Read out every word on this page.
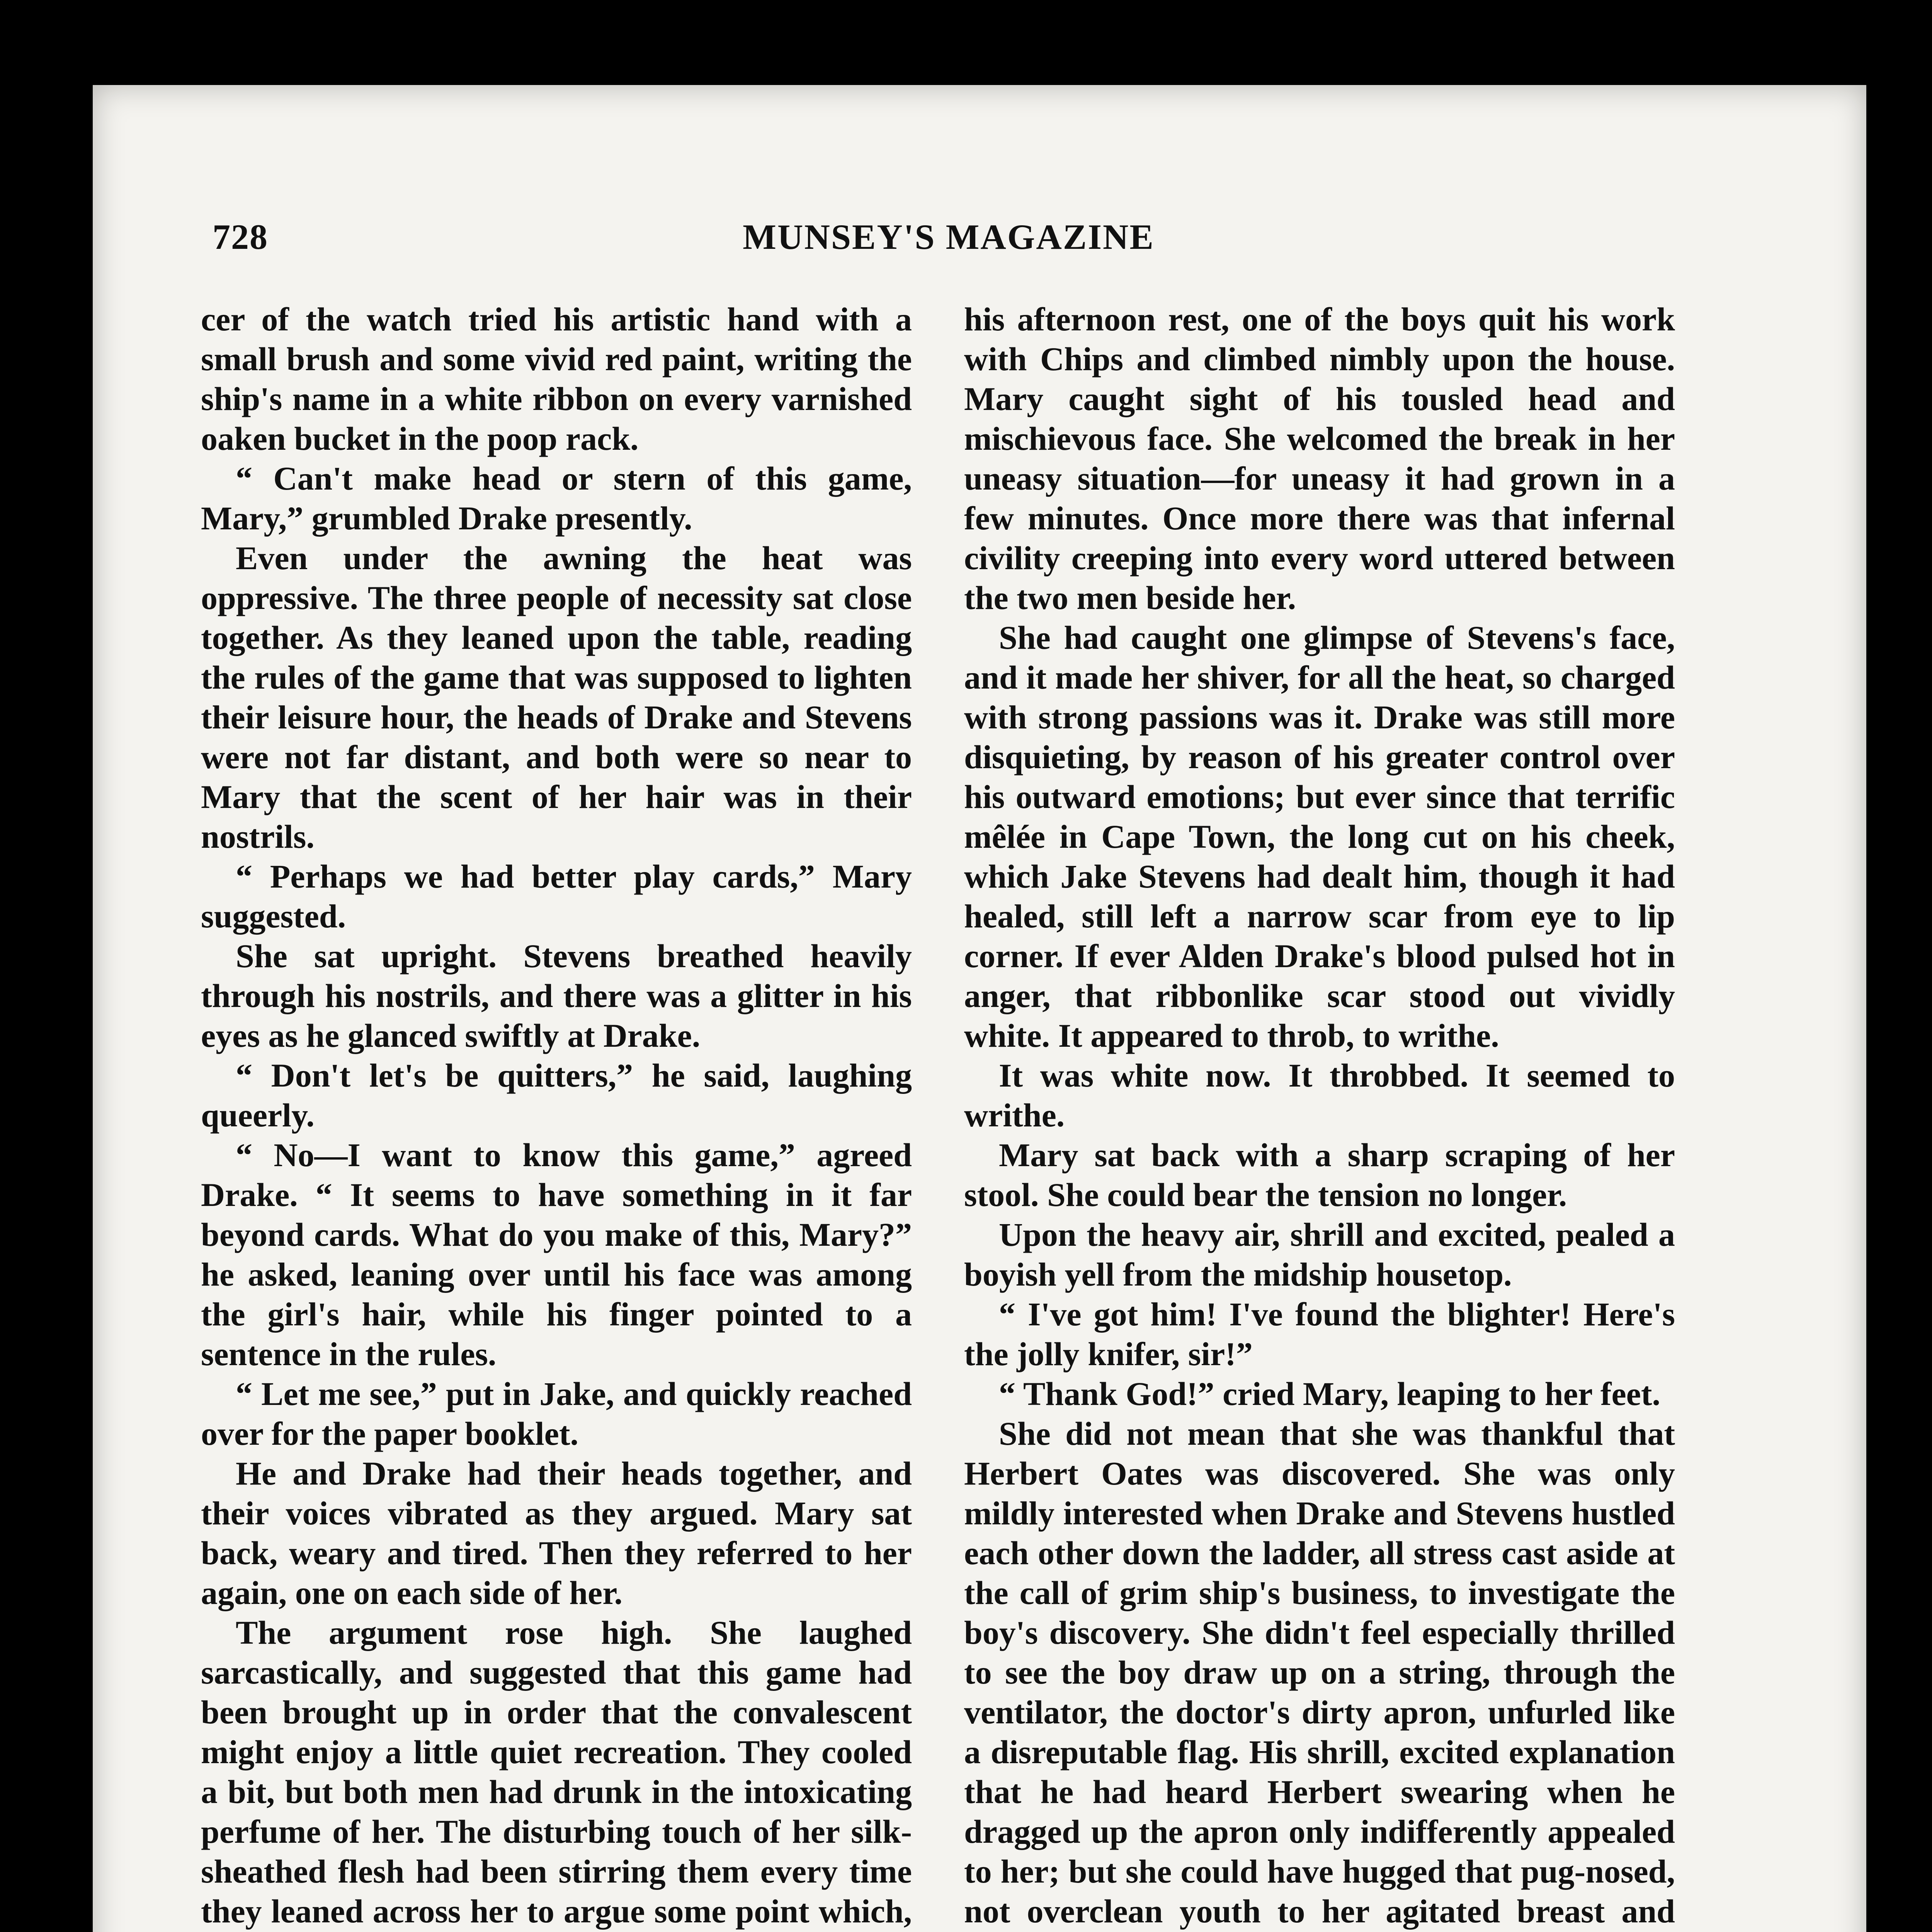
728	MUNSEY'S MAGAZINE

cer of the watch tried his artistic hand with a small brush and some vivid red paint, writing the ship's name in a white ribbon on every varnished oaken bucket in the poop rack.

“ Can't make head or stern of this game, Mary,” grumbled Drake presently.

Even under the awning the heat was oppressive. The three people of necessity sat close together. As they leaned upon the table, reading the rules of the game that was supposed to lighten their leisure hour, the heads of Drake and Stevens were not far distant, and both were so near to Mary that the scent of her hair was in their nostrils.

“ Perhaps we had better play cards,” Mary suggested.

She sat upright. Stevens breathed heavily through his nostrils, and there was a glitter in his eyes as he glanced swiftly at Drake.

“ Don't let's be quitters,” he said, laughing queerly.

“ No—I want to know this game,” agreed Drake. “ It seems to have something in it far beyond cards. What do you make of this, Mary?” he asked, leaning over until his face was among the girl's hair, while his finger pointed to a sentence in the rules.

“ Let me see,” put in Jake, and quickly reached over for the paper booklet.

He and Drake had their heads together, and their voices vibrated as they argued. Mary sat back, weary and tired. Then they referred to her again, one on each side of her.

The argument rose high. She laughed sarcastically, and suggested that this game had been brought up in order that the convalescent might enjoy a little quiet recreation. They cooled a bit, but both men had drunk in the intoxicating perfume of her. The disturbing touch of her silk-sheathed flesh had been stirring them every time they leaned across her to argue some point which,

his afternoon rest, one of the boys quit his work with Chips and climbed nimbly upon the house. Mary caught sight of his tousled head and mischievous face. She welcomed the break in her uneasy situation—for uneasy it had grown in a few minutes. Once more there was that infernal civility creeping into every word uttered between the two men beside her.

She had caught one glimpse of Stevens's face, and it made her shiver, for all the heat, so charged with strong passions was it. Drake was still more disquieting, by reason of his greater control over his outward emotions; but ever since that terrific mêlée in Cape Town, the long cut on his cheek, which Jake Stevens had dealt him, though it had healed, still left a narrow scar from eye to lip corner. If ever Alden Drake's blood pulsed hot in anger, that ribbonlike scar stood out vividly white. It appeared to throb, to writhe.

It was white now. It throbbed. It seemed to writhe.

Mary sat back with a sharp scraping of her stool. She could bear the tension no longer.

Upon the heavy air, shrill and excited, pealed a boyish yell from the midship housetop.

“ I've got him! I've found the blighter! Here's the jolly knifer, sir!”

“ Thank God!” cried Mary, leaping to her feet.

She did not mean that she was thankful that Herbert Oates was discovered. She was only mildly interested when Drake and Stevens hustled each other down the ladder, all stress cast aside at the call of grim ship's business, to investigate the boy's discovery. She didn't feel especially thrilled to see the boy draw up on a string, through the ventilator, the doctor's dirty apron, unfurled like a disreputable flag. His shrill, excited explanation that he had heard Herbert swearing when he dragged up the apron only indifferently appealed to her; but she could have hugged that pug-nosed, not overclean youth to her agitated breast and
